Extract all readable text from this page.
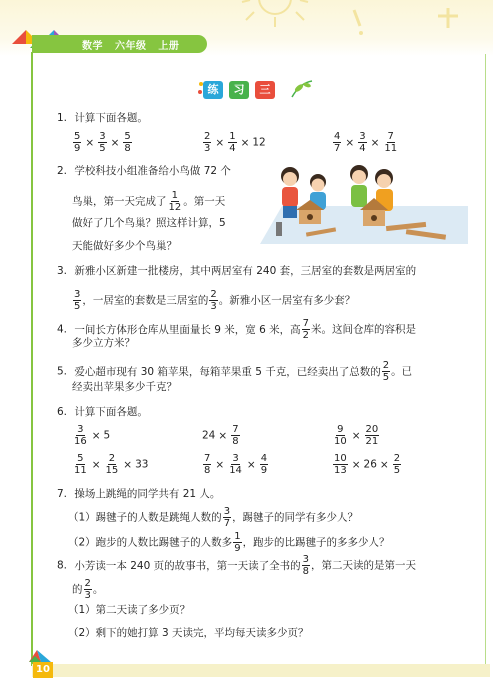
数学 六年级 上册
10
练	习	三
1. 计算下面各题。
$\frac{5}{9} \times \frac{3}{5} \times \frac{5}{8}$	$\frac{2}{3} \times \frac{1}{4} \times 12$	$\frac{4}{7} \times \frac{3}{4} \times \frac{7}{11}$
2. 学校科技小组准备给小鸟做 72 个
鸟巢，第一天完成了 $\frac{1}{12}$ 。第一天
做好了几个鸟巢？照这样计算，5
天能做好多少个鸟巢？
3. 新雅小区新建一批楼房，其中两居室有 240 套，三居室的套数是两居室的
$\frac{3}{5}$ ，一居室的套数是三居室的 $\frac{2}{3}$ 。新雅小区一居室有多少套？
4. 一间长方体形仓库从里面量长 9 米，宽 6 米，高 $\frac{7}{2}$ 米。这间仓库的容积是
多少立方米？
5. 爱心超市现有 30 箱苹果，每箱苹果重 5 千克，已经卖出了总数的 $\frac{2}{5}$ 。已
经卖出苹果多少千克？
6. 计算下面各题。
$\frac{3}{16} \times 5$	$24 \times \frac{7}{8}$	$\frac{9}{10} \times \frac{20}{21}$
$\frac{5}{11} \times \frac{2}{15} \times 33$	$\frac{7}{8} \times \frac{3}{14} \times \frac{4}{9}$	$\frac{10}{13} \times 26 \times \frac{2}{5}$
7. 操场上跳绳的同学共有 21 人。
（1）踢毽子的人数是跳绳人数的 $\frac{3}{7}$ ，踢毽子的同学有多少人？
（2）跑步的人数比踢毽子的人数多 $\frac{1}{9}$ ，跑步的比踢毽子的多多少人？
8. 小芳读一本 240 页的故事书，第一天读了全书的 $\frac{3}{8}$ ，第二天读的是第一天
的 $\frac{2}{3}$ 。
（1）第二天读了多少页？
（2）剩下的她打算 3 天读完，平均每天读多少页？
